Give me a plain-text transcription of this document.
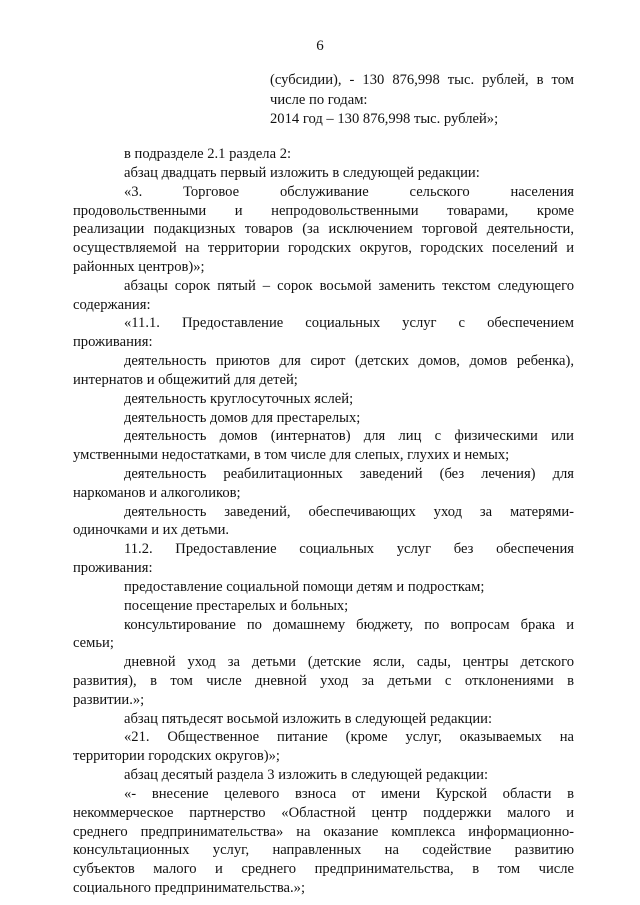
6
(субсидии), - 130 876,998 тыс. рублей, в том
числе по годам:
2014 год – 130 876,998 тыс. рублей»;
в подразделе 2.1 раздела 2:
абзац двадцать первый изложить в следующей редакции:
«3. Торговое обслуживание сельского населения
продовольственными и непродовольственными товарами, кроме
реализации подакцизных товаров (за исключением торговой деятельности,
осуществляемой на территории городских округов, городских поселений и
районных центров)»;
абзацы сорок пятый – сорок восьмой заменить текстом следующего
содержания:
«11.1. Предоставление социальных услуг с обеспечением
проживания:
деятельность приютов для сирот (детских домов, домов ребенка),
интернатов и общежитий для детей;
деятельность круглосуточных яслей;
деятельность домов для престарелых;
деятельность домов (интернатов) для лиц с физическими или
умственными недостатками, в том числе для слепых, глухих и немых;
деятельность реабилитационных заведений (без лечения) для
наркоманов и алкоголиков;
деятельность заведений, обеспечивающих уход за матерями-
одиночками и их детьми.
11.2. Предоставление социальных услуг без обеспечения
проживания:
предоставление социальной помощи детям и подросткам;
посещение престарелых и больных;
консультирование по домашнему бюджету, по вопросам брака и
семьи;
дневной уход за детьми (детские ясли, сады, центры детского
развития), в том числе дневной уход за детьми с отклонениями в
развитии.»;
абзац пятьдесят восьмой изложить в следующей редакции:
«21. Общественное питание (кроме услуг, оказываемых на
территории городских округов)»;
абзац десятый раздела 3 изложить в следующей редакции:
«- внесение целевого взноса от имени Курской области в
некоммерческое партнерство «Областной центр поддержки малого и
среднего предпринимательства» на оказание комплекса информационно-
консультационных услуг, направленных на содействие развитию
субъектов малого и среднего предпринимательства, в том числе
социального предпринимательства.»;
